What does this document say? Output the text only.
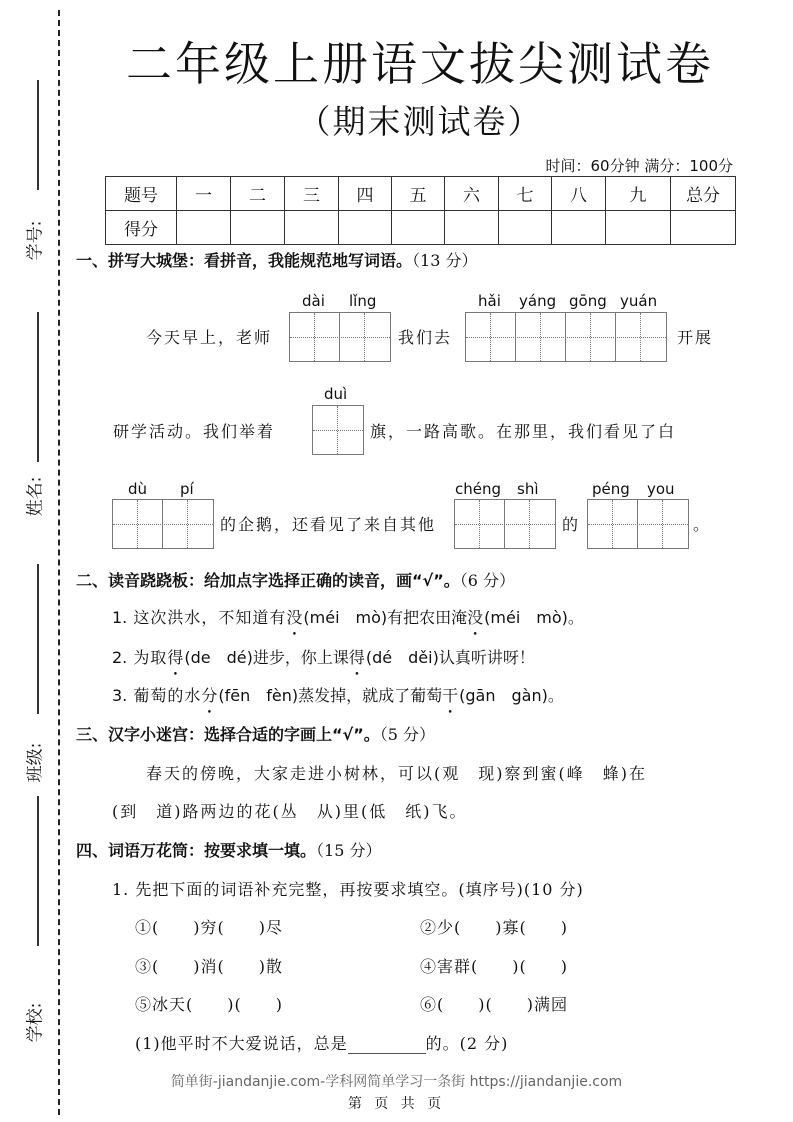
学号:
姓名:
班级:
学校:
二年级上册语文拔尖测试卷
（期末测试卷）
时间：60分钟 满分：100分
题号	一	二	三	四	五	六	七	八	九	总分
得分										
一、拼写大城堡：看拼音，我能规范地写词语。（13 分）
dài lǐng	hǎi yáng gōng yuán
今天早上，老师	我们去	开展
duì
研学活动。我们举着	旗，一路高歌。在那里，我们看见了白
dù pí	chéng shì	péng you
的企鹅，还看见了来自其他	的	。
二、读音跷跷板：给加点字选择正确的读音，画“√”。（6 分）
1. 这次洪水，不知道有没(méi　mò)有把农田淹没(méi　mò)。
2. 为取得(de　dé)进步，你上课得(dé　děi)认真听讲呀！
3. 葡萄的水分(fēn　fèn)蒸发掉，就成了葡萄干(gān　gàn)。
三、汉字小迷宫：选择合适的字画上“√”。（5 分）
春天的傍晚，大家走进小树林，可以(观　现)察到蜜(峰　蜂)在
(到　道)路两边的花(丛　从)里(低　纸)飞。
四、词语万花筒：按要求填一填。（15 分）
1. 先把下面的词语补充完整，再按要求填空。(填序号)(10 分)
①(　　)穷(　　)尽	②少(　　)寡(　　)
③(　　)消(　　)散	④害群(　　)(　　)
⑤冰天(　　)(　　)	⑥(　　)(　　)满园
(1)他平时不大爱说话，总是	的。(2 分)
简单街-jiandanjie.com-学科网简单学习一条街 https://jiandanjie.com
第 页 共 页
